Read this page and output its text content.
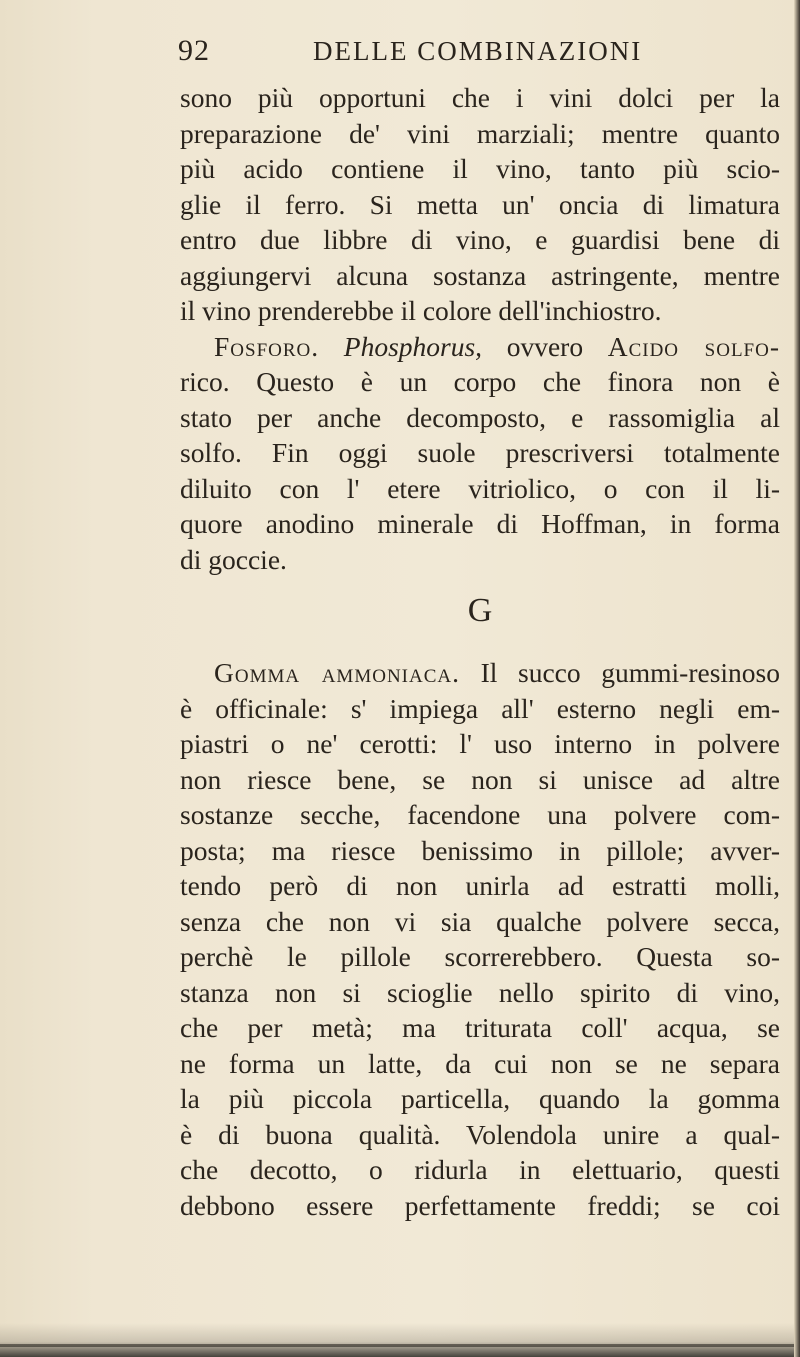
92	DELLE COMBINAZIONI
sono più opportuni che i vini dolci per la
preparazione de' vini marziali; mentre quanto
più acido contiene il vino, tanto più scio-
glie il ferro. Si metta un' oncia di limatura
entro due libbre di vino, e guardisi bene di
aggiungervi alcuna sostanza astringente, mentre
il vino prenderebbe il colore dell'inchiostro.
Fosforo. Phosphorus, ovvero Acido solfo-
rico. Questo è un corpo che finora non è
stato per anche decomposto, e rassomiglia al
solfo. Fin oggi suole prescriversi totalmente
diluito con l' etere vitriolico, o con il li-
quore anodino minerale di Hoffman, in forma
di goccie.
G
Gomma ammoniaca. Il succo gummi-resinoso
è officinale: s' impiega all' esterno negli em-
piastri o ne' cerotti: l' uso interno in polvere
non riesce bene, se non si unisce ad altre
sostanze secche, facendone una polvere com-
posta; ma riesce benissimo in pillole; avver-
tendo però di non unirla ad estratti molli,
senza che non vi sia qualche polvere secca,
perchè le pillole scorrerebbero. Questa so-
stanza non si scioglie nello spirito di vino,
che per metà; ma triturata coll' acqua, se
ne forma un latte, da cui non se ne separa
la più piccola particella, quando la gomma
è di buona qualità. Volendola unire a qual-
che decotto, o ridurla in elettuario, questi
debbono essere perfettamente freddi; se coi
